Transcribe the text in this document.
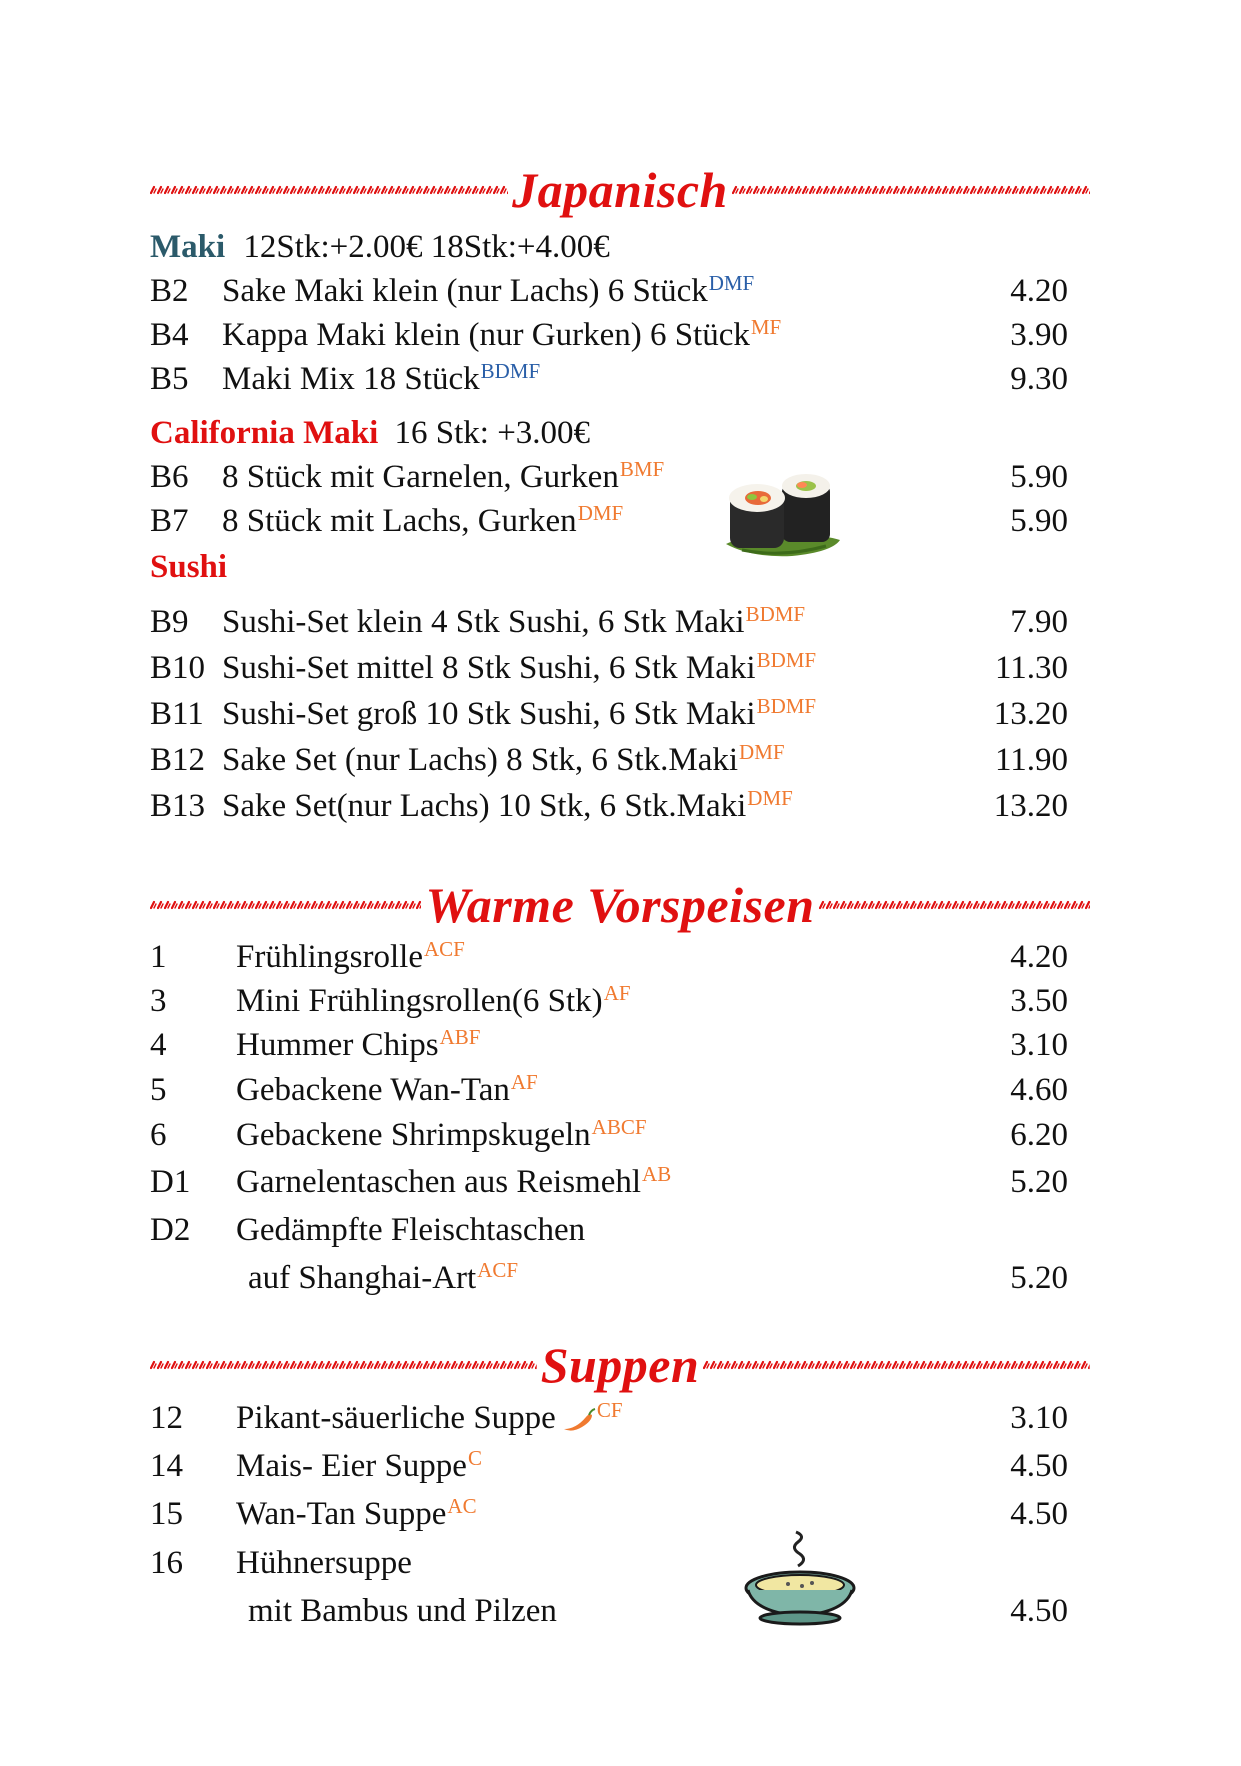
Japanisch
Maki 12Stk:+2.00€ 18Stk:+4.00€
B2 Sake Maki klein (nur Lachs) 6 Stück$^{DMF}$	4.20
B4 Kappa Maki klein (nur Gurken) 6 Stück$^{MF}$	3.90
B5 Maki Mix 18 Stück$^{BDMF}$	9.30
California Maki 16 Stk: +3.00€
B6 8 Stück mit Garnelen, Gurken$^{BMF}$	5.90
B7 8 Stück mit Lachs, Gurken$^{DMF}$	5.90
Sushi
B9 Sushi-Set klein 4 Stk Sushi, 6 Stk Maki$^{BDMF}$	7.90
B10 Sushi-Set mittel 8 Stk Sushi, 6 Stk Maki$^{BDMF}$	11.30
B11 Sushi-Set groß 10 Stk Sushi, 6 Stk Maki$^{BDMF}$	13.20
B12 Sake Set (nur Lachs) 8 Stk, 6 Stk.Maki$^{DMF}$	11.90
B13 Sake Set(nur Lachs) 10 Stk, 6 Stk.Maki$^{DMF}$	13.20
Warme Vorspeisen
1 Frühlingsrolle$^{ACF}$	4.20
3 Mini Frühlingsrollen(6 Stk)$^{AF}$	3.50
4 Hummer Chips$^{ABF}$	3.10
5 Gebackene Wan-Tan$^{AF}$	4.60
6 Gebackene Shrimpskugeln$^{ABCF}$	6.20
D1 Garnelentaschen aus Reismehl$^{AB}$	5.20
D2 Gedämpfte Fleischtaschen
auf Shanghai-Art$^{ACF}$	5.20
Suppen
12 Pikant-säuerliche Suppe $^{CF}$	3.10
14 Mais- Eier Suppe$^C$	4.50
15 Wan-Tan Suppe$^{AC}$	4.50
16 Hühnersuppe
mit Bambus und Pilzen	4.50
